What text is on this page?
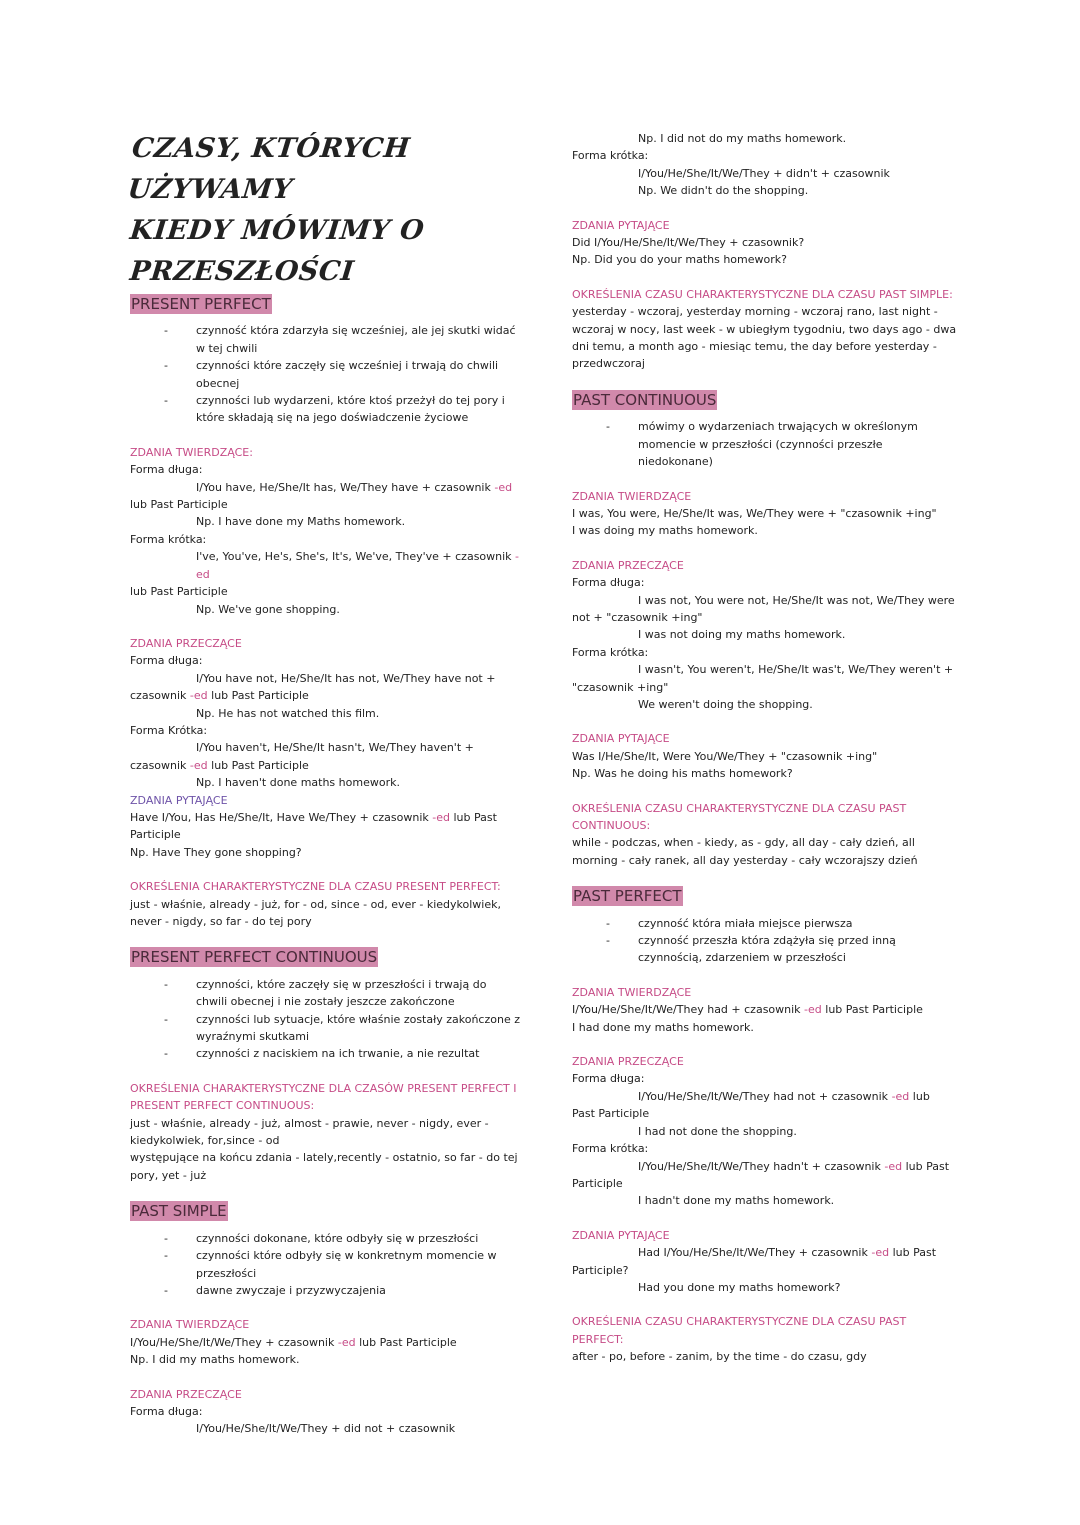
CZASY, KTÓRYCH UŻYWAMY
KIEDY MÓWIMY O
PRZESZŁOŚCI
PRESENT PERFECT
- czynność która zdarzyła się wcześniej, ale jej skutki widać w tej chwili
- czynności które zaczęły się wcześniej i trwają do chwili obecnej
- czynności lub wydarzeni, które ktoś przeżył do tej pory i które składają się na jego doświadczenie życiowe

ZDANIA TWIERDZĄCE:

Forma długa:

I/You have, He/She/It has, We/They have + czasownik -ed

lub Past Participle

Np. I have done my Maths homework.

Forma krótka:

I've, You've, He's, She's, It's, We've, They've + czasownik -ed

lub Past Participle

Np. We've gone shopping.

ZDANIA PRZECZĄCE

Forma długa:

I/You have not, He/She/It has not, We/They have not +

czasownik -ed lub Past Participle

Np. He has not watched this film.

Forma Krótka:

I/You haven't, He/She/It hasn't, We/They haven't +

czasownik -ed lub Past Participle

Np. I haven't done maths homework.

ZDANIA PYTAJĄCE

Have I/You, Has He/She/It, Have We/They + czasownik -ed lub Past Participle

Np. Have They gone shopping?

OKREŚLENIA CHARAKTERYSTYCZNE DLA CZASU PRESENT PERFECT:

just - właśnie, already - już, for - od, since - od, ever - kiedykolwiek, never - nigdy, so far - do tej pory

PRESENT PERFECT CONTINUOUS
- czynności, które zaczęły się w przeszłości i trwają do chwili obecnej i nie zostały jeszcze zakończone
- czynności lub sytuacje, które właśnie zostały zakończone z wyraźnymi skutkami
- czynności z naciskiem na ich trwanie, a nie rezultat

OKREŚLENIA CHARAKTERYSTYCZNE DLA CZASÓW PRESENT PERFECT I PRESENT PERFECT CONTINUOUS:

just - właśnie, already - już, almost - prawie, never - nigdy, ever - kiedykolwiek, for,since - od

występujące na końcu zdania - lately,recently - ostatnio, so far - do tej pory, yet - już

PAST SIMPLE
- czynności dokonane, które odbyły się w przeszłości
- czynności które odbyły się w konkretnym momencie w przeszłości
- dawne zwyczaje i przyzwyczajenia

ZDANIA TWIERDZĄCE

I/You/He/She/It/We/They + czasownik -ed lub Past Participle

Np. I did my maths homework.

ZDANIA PRZECZĄCE

Forma długa:

I/You/He/She/It/We/They + did not + czasownik

Np. I did not do my maths homework.

Forma krótka:

I/You/He/She/It/We/They + didn't + czasownik

Np. We didn't do the shopping.

ZDANIA PYTAJĄCE

Did I/You/He/She/It/We/They + czasownik?

Np. Did you do your maths homework?

OKREŚLENIA CZASU CHARAKTERYSTYCZNE DLA CZASU PAST SIMPLE:

yesterday - wczoraj, yesterday morning - wczoraj rano, last night - wczoraj w nocy, last week - w ubiegłym tygodniu, two days ago - dwa dni temu, a month ago - miesiąc temu, the day before yesterday - przedwczoraj

PAST CONTINUOUS
- mówimy o wydarzeniach trwających w określonym momencie w przeszłości (czynności przeszłe niedokonane)

ZDANIA TWIERDZĄCE

I was, You were, He/She/It was, We/They were + "czasownik +ing"

I was doing my maths homework.

ZDANIA PRZECZĄCE

Forma długa:

I was not, You were not, He/She/It was not, We/They were

not + "czasownik +ing"

I was not doing my maths homework.

Forma krótka:

I wasn't, You weren't, He/She/It was't, We/They weren't +

"czasownik +ing"

We weren't doing the shopping.

ZDANIA PYTAJĄCE

Was I/He/She/It, Were You/We/They + "czasownik +ing"

Np. Was he doing his maths homework?

OKREŚLENIA CZASU CHARAKTERYSTYCZNE DLA CZASU PAST CONTINUOUS:

while - podczas, when - kiedy, as - gdy, all day - cały dzień, all morning - cały ranek, all day yesterday - cały wczorajszy dzień

PAST PERFECT
- czynność która miała miejsce pierwsza
- czynność przeszła która zdążyła się przed inną czynnością, zdarzeniem w przeszłości

ZDANIA TWIERDZĄCE

I/You/He/She/It/We/They had + czasownik -ed lub Past Participle

I had done my maths homework.

ZDANIA PRZECZĄCE

Forma długa:

I/You/He/She/It/We/They had not + czasownik -ed lub

Past Participle

I had not done the shopping.

Forma krótka:

I/You/He/She/It/We/They hadn't + czasownik -ed lub Past

Participle

I hadn't done my maths homework.

ZDANIA PYTAJĄCE

Had I/You/He/She/It/We/They + czasownik -ed lub Past

Participle?

Had you done my maths homework?

OKREŚLENIA CZASU CHARAKTERYSTYCZNE DLA CZASU PAST PERFECT:

after - po, before - zanim, by the time - do czasu, gdy
